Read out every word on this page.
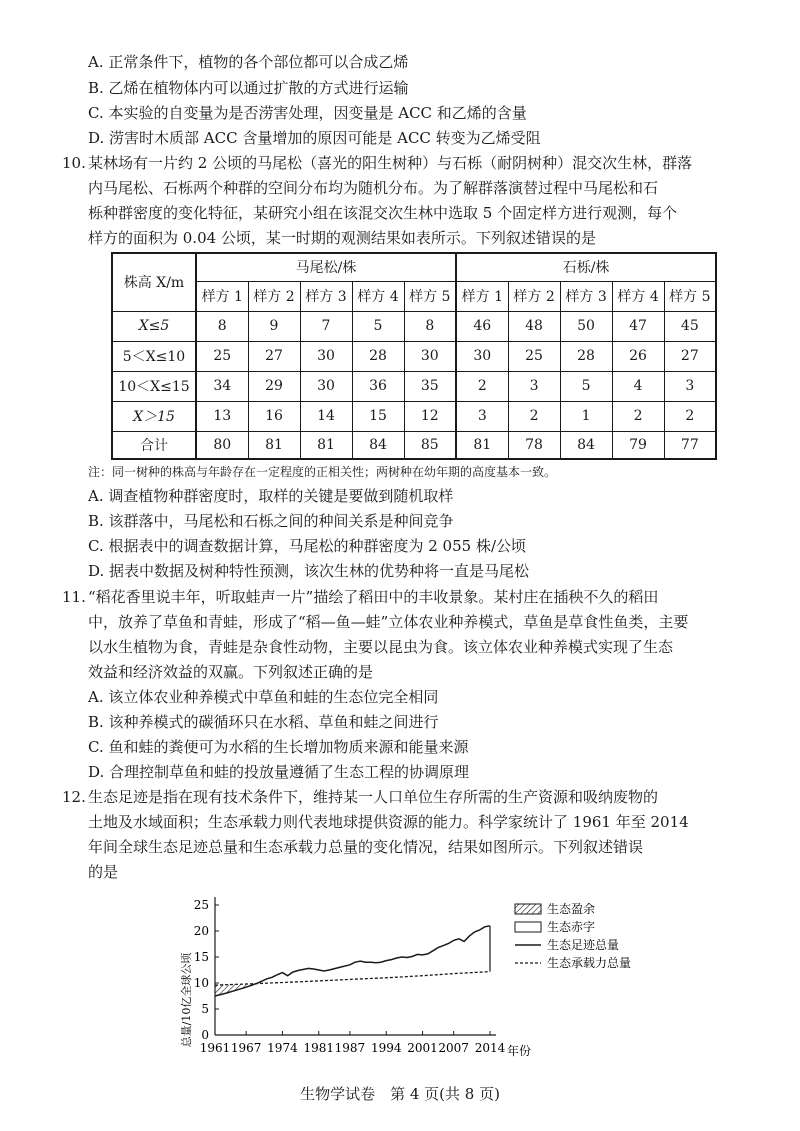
A. 正常条件下，植物的各个部位都可以合成乙烯
B. 乙烯在植物体内可以通过扩散的方式进行运输
C. 本实验的自变量为是否涝害处理，因变量是 ACC 和乙烯的含量
D. 涝害时木质部 ACC 含量增加的原因可能是 ACC 转变为乙烯受阻
10. 某林场有一片约 2 公顷的马尾松（喜光的阳生树种）与石栎（耐阴树种）混交次生林，群落
内马尾松、石栎两个种群的空间分布均为随机分布。为了解群落演替过程中马尾松和石
栎种群密度的变化特征，某研究小组在该混交次生林中选取 5 个固定样方进行观测，每个
样方的面积为 0.04 公顷，某一时期的观测结果如表所示。下列叙述错误的是
株高 X/m	马尾松/株					石栎/株				
	样方 1	样方 2	样方 3	样方 4	样方 5	样方 1	样方 2	样方 3	样方 4	样方 5
X≤5	8	9	7	5	8	46	48	50	47	45
5＜X≤10	25	27	30	28	30	30	25	28	26	27
10＜X≤15	34	29	30	36	35	2	3	5	4	3
X＞15	13	16	14	15	12	3	2	1	2	2
合计	80	81	81	84	85	81	78	84	79	77
注：同一树种的株高与年龄存在一定程度的正相关性；两树种在幼年期的高度基本一致。
A. 调查植物种群密度时，取样的关键是要做到随机取样
B. 该群落中，马尾松和石栎之间的种间关系是种间竞争
C. 根据表中的调查数据计算，马尾松的种群密度为 2 055 株/公顷
D. 据表中数据及树种特性预测，该次生林的优势种将一直是马尾松
11. “稻花香里说丰年，听取蛙声一片”描绘了稻田中的丰收景象。某村庄在插秧不久的稻田
中，放养了草鱼和青蛙，形成了“稻—鱼—蛙”立体农业种养模式，草鱼是草食性鱼类，主要
以水生植物为食，青蛙是杂食性动物，主要以昆虫为食。该立体农业种养模式实现了生态
效益和经济效益的双赢。下列叙述正确的是
A. 该立体农业种养模式中草鱼和蛙的生态位完全相同
B. 该种养模式的碳循环只在水稻、草鱼和蛙之间进行
C. 鱼和蛙的粪便可为水稻的生长增加物质来源和能量来源
D. 合理控制草鱼和蛙的投放量遵循了生态工程的协调原理
12. 生态足迹是指在现有技术条件下，维持某一人口单位生存所需的生产资源和吸纳废物的
土地及水域面积；生态承载力则代表地球提供资源的能力。科学家统计了 1961 年至 2014
年间全球生态足迹总量和生态承载力总量的变化情况，结果如图所示。下列叙述错误
的是
0
5
10
15
20
25
1961 1967 1974 1981 1987 1994 2001 2007 2014
总量/10亿全球公顷
年份
生态盈余
生态赤字
生态足迹总量
生态承载力总量
生物学试卷　第 4 页(共 8 页)
